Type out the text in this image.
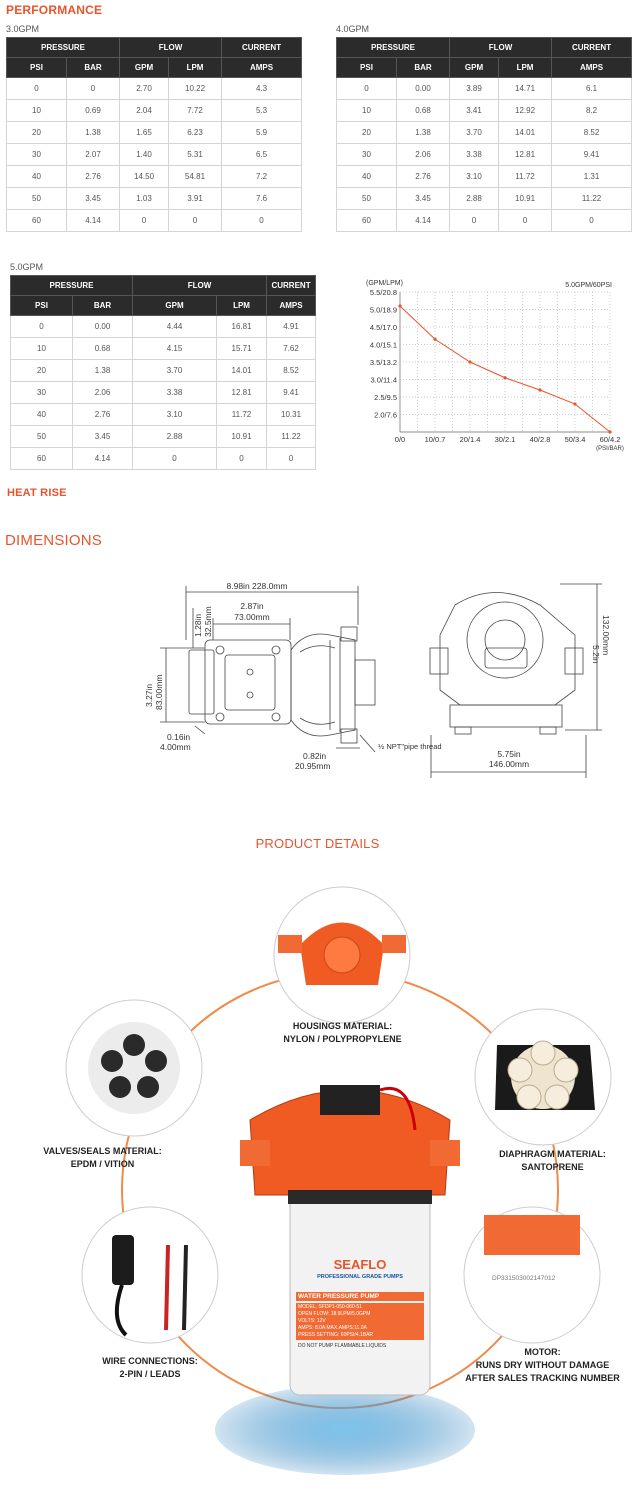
PERFORMANCE
3.0GPM
PRESSURE		FLOW		CURRENT
PSI	BAR	GPM	LPM	AMPS
0	0	2.70	10.22	4.3
10	0.69	2.04	7.72	5.3
20	1.38	1.65	6.23	5.9
30	2.07	1.40	5.31	6.5
40	2.76	14.50	54.81	7.2
50	3.45	1.03	3.91	7.6
60	4.14	0	0	0
4.0GPM
PRESSURE		FLOW		CURRENT
PSI	BAR	GPM	LPM	AMPS
0	0.00	3.89	14.71	6.1
10	0.68	3.41	12.92	8.2
20	1.38	3.70	14.01	8.52
30	2.06	3.38	12.81	9.41
40	2.76	3.10	11.72	1.31
50	3.45	2.88	10.91	11.22
60	4.14	0	0	0
5.0GPM
PRESSURE		FLOW		CURRENT
PSI	BAR	GPM	LPM	AMPS
0	0.00	4.44	16.81	4.91
10	0.68	4.15	15.71	7.62
20	1.38	3.70	14.01	8.52
30	2.06	3.38	12.81	9.41
40	2.76	3.10	11.72	10.31
50	3.45	2.88	10.91	11.22
60	4.14	0	0	0
(GPM/LPM)	5.0GPM/60PSI
(PSI/BAR)
2.0/7.6
2.5/9.5
3.0/11.4
3.5/13.2
4.0/15.1
4.5/17.0
5.0/18.9
5.5/20.8
0/0	10/0.7 20/1.4 30/2.1 40/2.8 50/3.4 60/4.2
HEAT RISE
DIMENSIONS
8.98in 228.0mm
2.87in
73.00mm
1.28in 32.5mm
3.27in 83.00mm
0.16in
4.00mm
0.82in
20.95mm
½ NPT"pipe thread
5.75in
146.00mm
5.2in 132.00mm
PRODUCT DETAILS
DP331503002147012
SEAFLO
PROFESSIONAL GRADE PUMPS
WATER PRESSURE PUMP
MODEL: SFDP1-050-060-51
OPEN FLOW: 18.9LPM/5.0GPM
VOLTS: 12V
AMPS: 8.0A MAX.AMPS:11.0A
PRESS SETTING: 60PSI/4.1BAR
DO NOT PUMP FLAMMABLE LIQUIDS
HOUSINGS MATERIAL:
NYLON / POLYPROPYLENE
VALVES/SEALS MATERIAL:
EPDM / VITION
DIAPHRAGM MATERIAL:
SANTOPRENE
WIRE CONNECTIONS:
2-PIN / LEADS
MOTOR:
RUNS DRY WITHOUT DAMAGE
AFTER SALES TRACKING NUMBER
